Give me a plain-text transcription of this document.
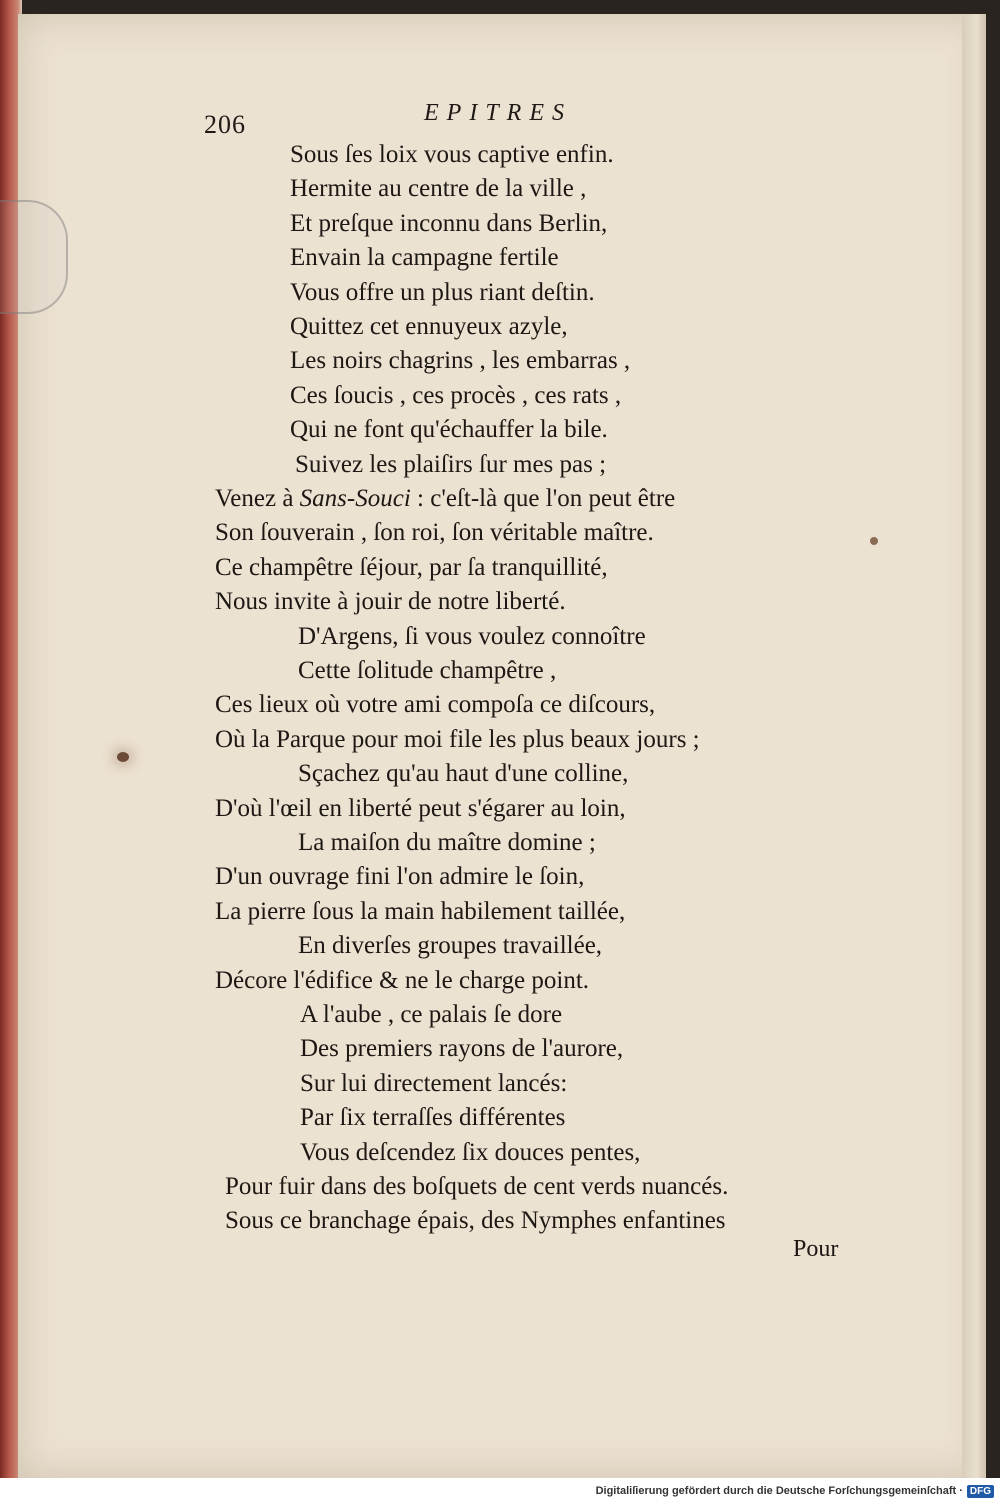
206	EPITRES
Sous ſes loix vous captive enfin.
Hermite au centre de la ville ,
Et preſque inconnu dans Berlin,
Envain la campagne fertile
Vous offre un plus riant deſtin.
Quittez cet ennuyeux azyle,
Les noirs chagrins , les embarras ,
Ces ſoucis , ces procès , ces rats ,
Qui ne font qu'échauffer la bile.
Suivez les plaiſirs ſur mes pas ;
Venez à Sans-Souci : c'eſt-là que l'on peut être
Son ſouverain , ſon roi, ſon véritable maître.
Ce champêtre ſéjour, par ſa tranquillité,
Nous invite à jouir de notre liberté.
D'Argens, ſi vous voulez connoître
Cette ſolitude champêtre ,
Ces lieux où votre ami compoſa ce diſcours,
Où la Parque pour moi file les plus beaux jours ;
Sçachez qu'au haut d'une colline,
D'où l'œil en liberté peut s'égarer au loin,
La maiſon du maître domine ;
D'un ouvrage fini l'on admire le ſoin,
La pierre ſous la main habilement taillée,
En diverſes groupes travaillée,
Décore l'édifice & ne le charge point.
A l'aube , ce palais ſe dore
Des premiers rayons de l'aurore,
Sur lui directement lancés:
Par ſix terraſſes différentes
Vous deſcendez ſix douces pentes,
Pour fuir dans des boſquets de cent verds nuancés.
Sous ce branchage épais, des Nymphes enfantines
Pour
Digitaliſierung gefördert durch die Deutsche Forſchungsgemeinſchaft · DFG
